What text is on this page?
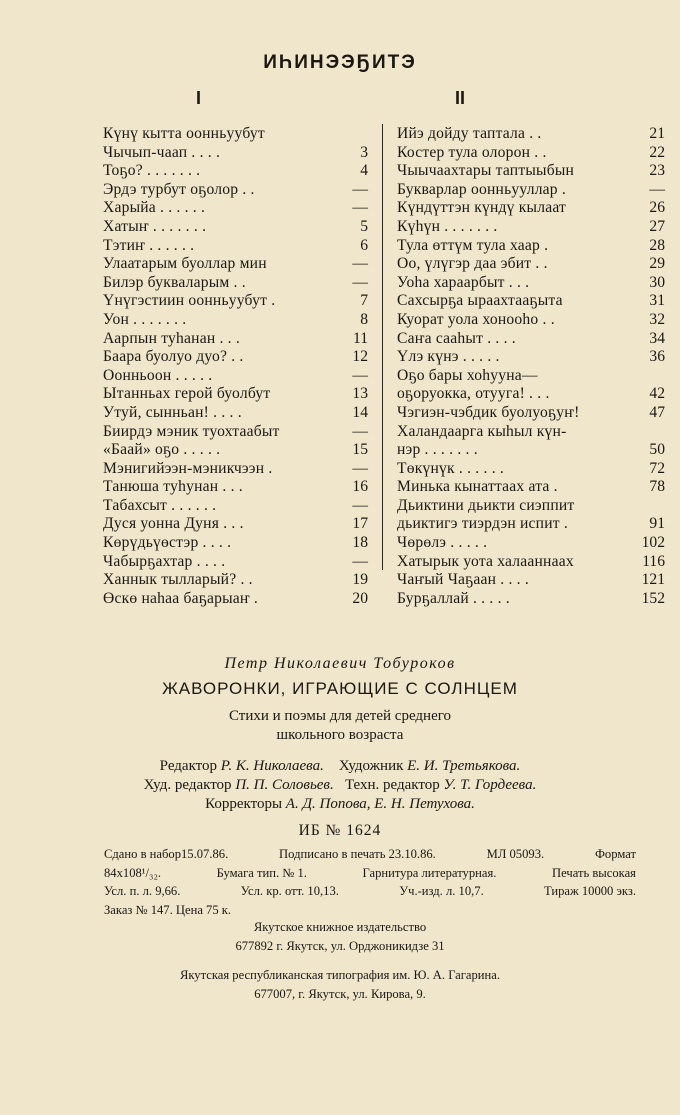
ИҺИНЭЭҔИТЭ
I	II
Күнү кытта оонньуубут
Чычып-чаап . . . .	3
Тоҕо? . . . . . . .	4
Эрдэ турбут оҕолор . .	—
Харыйа . . . . . .	—
Хатыҥ . . . . . . .	5
Тэтиҥ . . . . . .	6
Улаатарым буоллар мин	—
Билэр букваларым . .	—
Үнүгэстиин оонньуубут .	7
Уон . . . . . . .	8
Аарпын туһанан . . .	11
Баара буолуо дуо? . .	12
Оонньоон . . . . .	—
Ытанньах герой буолбут	13
Утуй, сынньан! . . . .	14
Биирдэ мэник туохтаабыт	—
«Баай» оҕо . . . . .	15
Мэнигийээн-мэникчээн .	—
Танюша туһунан . . .	16
Табахсыт . . . . . .	—
Дуся уонна Дуня . . .	17
Көрүдьүөстэр . . . .	18
Чабырҕахтар . . . .	—
Ханнык тылларый? . .	19
Өскө наһаа баҕарыаҥ .	20
Ийэ дойду таптала . .	21
Костер тула олорон . .	22
Чыычаахтары таптыыбын	23
Букварлар оонньууллар .	—
Күндүттэн күндү кылаат	26
Күһүн . . . . . . .	27
Тула өттүм тула хаар .	28
Оо, үлүгэр даа эбит . .	29
Уоһа хараарбыт . . .	30
Сахсырҕа ыраахтааҕыта	31
Куорат уола хонооһо . .	32
Саҥа сааһыт . . . .	34
Үлэ күнэ . . . . .	36
Оҕо бары хоһууна—
оҕоруокка, отууга! . . .	42
Чэгиэн-чэбдик буолуоҕуҥ!	47
Халандаарга кыһыл күн-
нэр . . . . . . .	50
Төкүнүк . . . . . .	72
Минька кынаттаах ата .	78
Дьиктини дьикти сиэппит
дьиктигэ тиэрдэн испит .	91
Чөрөлэ . . . . .	102
Хатырык уота халааннаах	116
Чаҥый Чаҕаан . . . .	121
Бурҕаллай . . . . .	152
Петр Николаевич Тобуроков
ЖАВОРОНКИ, ИГРАЮЩИЕ С СОЛНЦЕМ
Стихи и поэмы для детей среднего
школьного возраста
Редактор Р. К. Николаева. Художник Е. И. Третьякова.
Худ. редактор П. П. Соловьев. Техн. редактор У. Т. Гордеева.
Корректоры А. Д. Попова, Е. Н. Петухова.
ИБ № 1624
Сдано в набор15.07.86.	Подписано в печать 23.10.86.	МЛ 05093.	Формат
84х108¹/₃₂.	Бумага тип. № 1.	Гарнитура литературная.	Печать высокая
Усл. п. л. 9,66.	Усл. кр. отт. 10,13.	Уч.-изд. л. 10,7.	Тираж 10000 экз.
Заказ № 147. Цена 75 к.
Якутское книжное издательство
677892 г. Якутск, ул. Орджоникидзе 31
Якутская республиканская типография им. Ю. А. Гагарина.
677007, г. Якутск, ул. Кирова, 9.
